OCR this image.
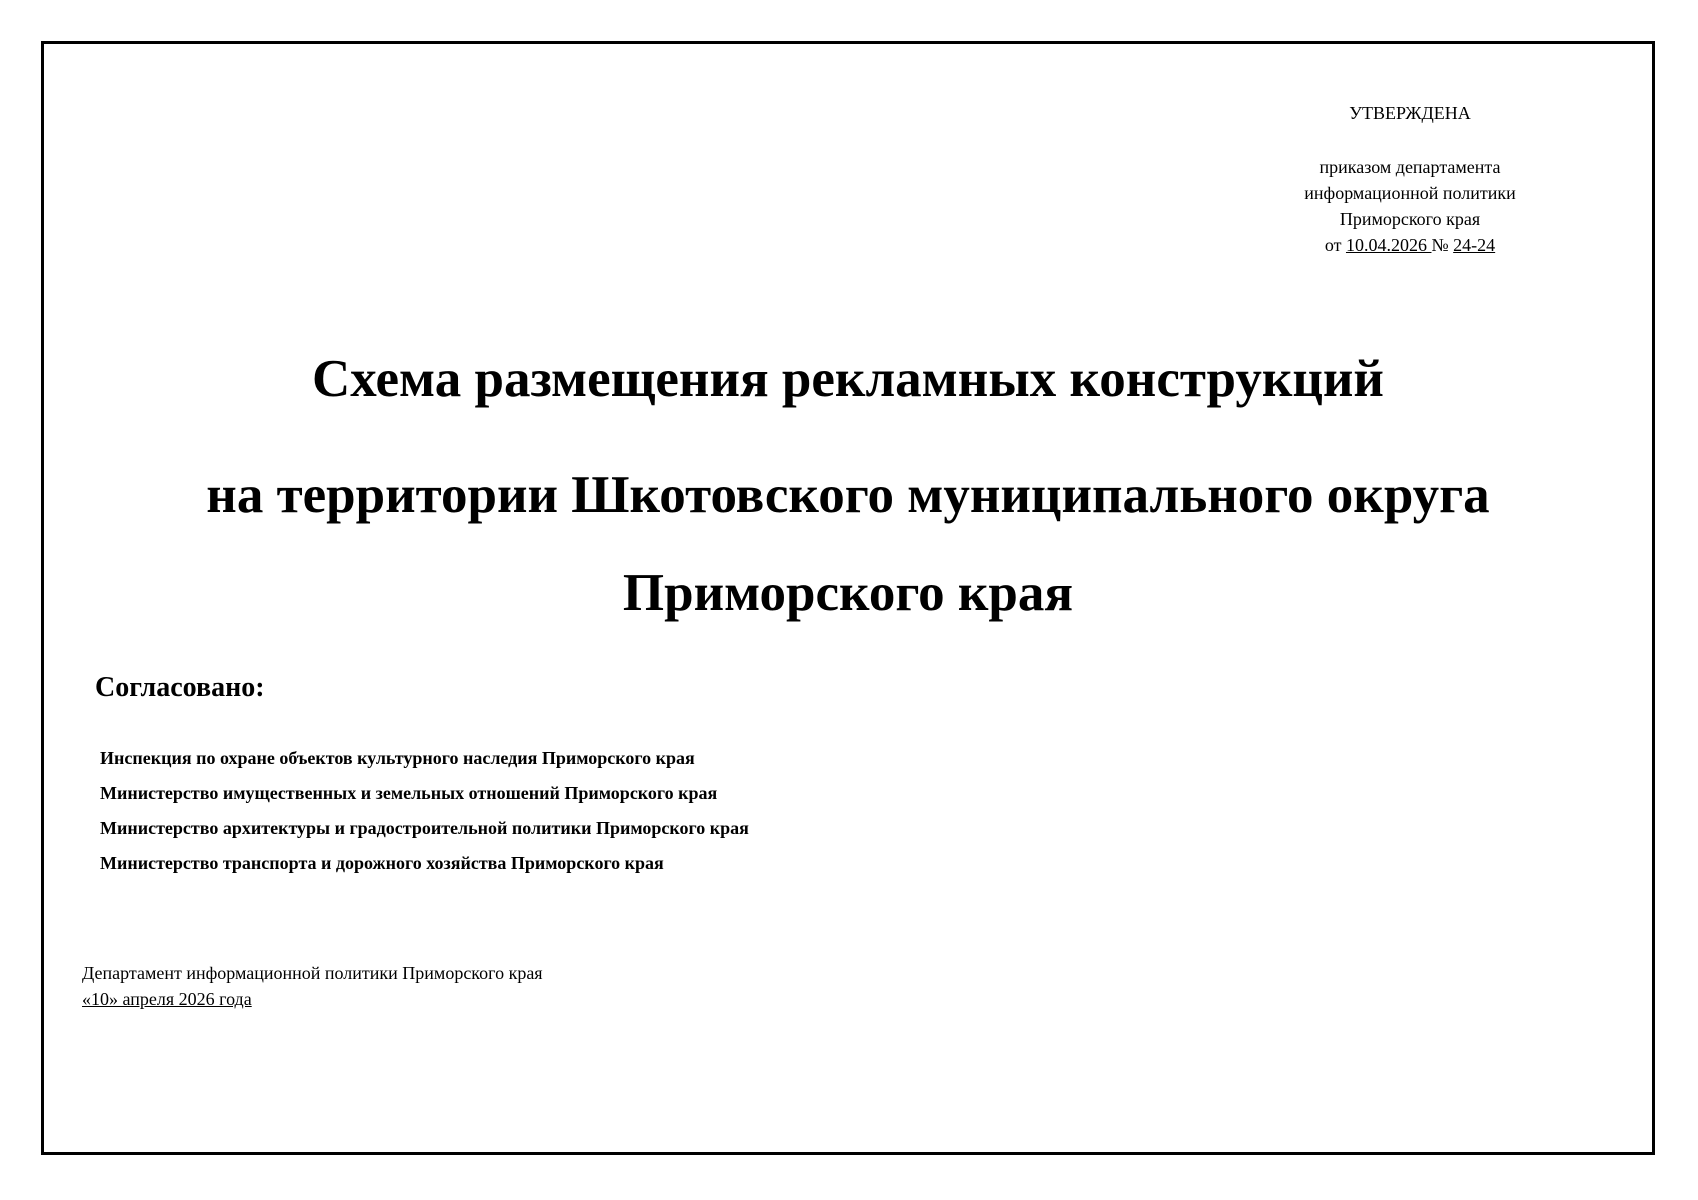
УТВЕРЖДЕНА
приказом департамента
информационной политики
Приморского края
от 10.04.2026 № 24-24
Схема размещения рекламных конструкций
на территории Шкотовского муниципального округа
Приморского края
Согласовано:
Инспекция по охране объектов культурного наследия Приморского края
Министерство имущественных и земельных отношений Приморского края
Министерство архитектуры и градостроительной политики Приморского края
Министерство транспорта и дорожного хозяйства Приморского края
Департамент информационной политики Приморского края
«10» апреля 2026 года
